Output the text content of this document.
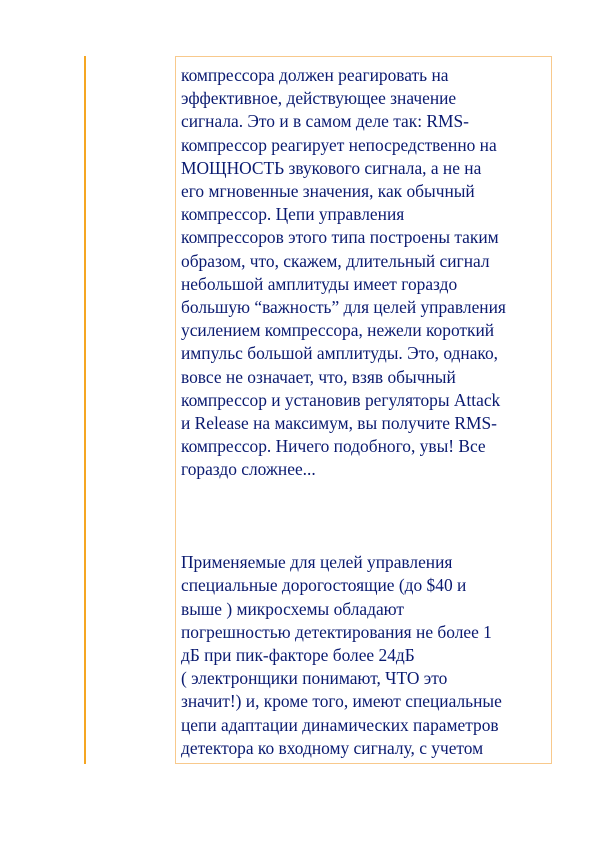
компрессора должен реагировать на
эффективное, действующее значение
сигнала. Это и в самом деле так: RMS-
компрессор реагирует непосредственно на
МОЩНОСТЬ звукового сигнала, а не на
его мгновенные значения, как обычный
компрессор. Цепи управления
компрессоров этого типа построены таким
образом, что, скажем, длительный сигнал
небольшой амплитуды имеет гораздо
большую “важность” для целей управления
усилением компрессора, нежели короткий
импульс большой амплитуды. Это, однако,
вовсе не означает, что, взяв обычный
компрессор и установив регуляторы Attack
и Release на максимум, вы получите RMS-
компрессор. Ничего подобного, увы! Все
гораздо сложнее...

Применяемые для целей управления
специальные дорогостоящие (до $40 и
выше ) микросхемы обладают
погрешностью детектирования не более 1
дБ при пик-факторе более 24дБ
( электронщики понимают, ЧТО это
значит!) и, кроме того, имеют специальные
цепи адаптации динамических параметров
детектора ко входному сигналу, с учетом
